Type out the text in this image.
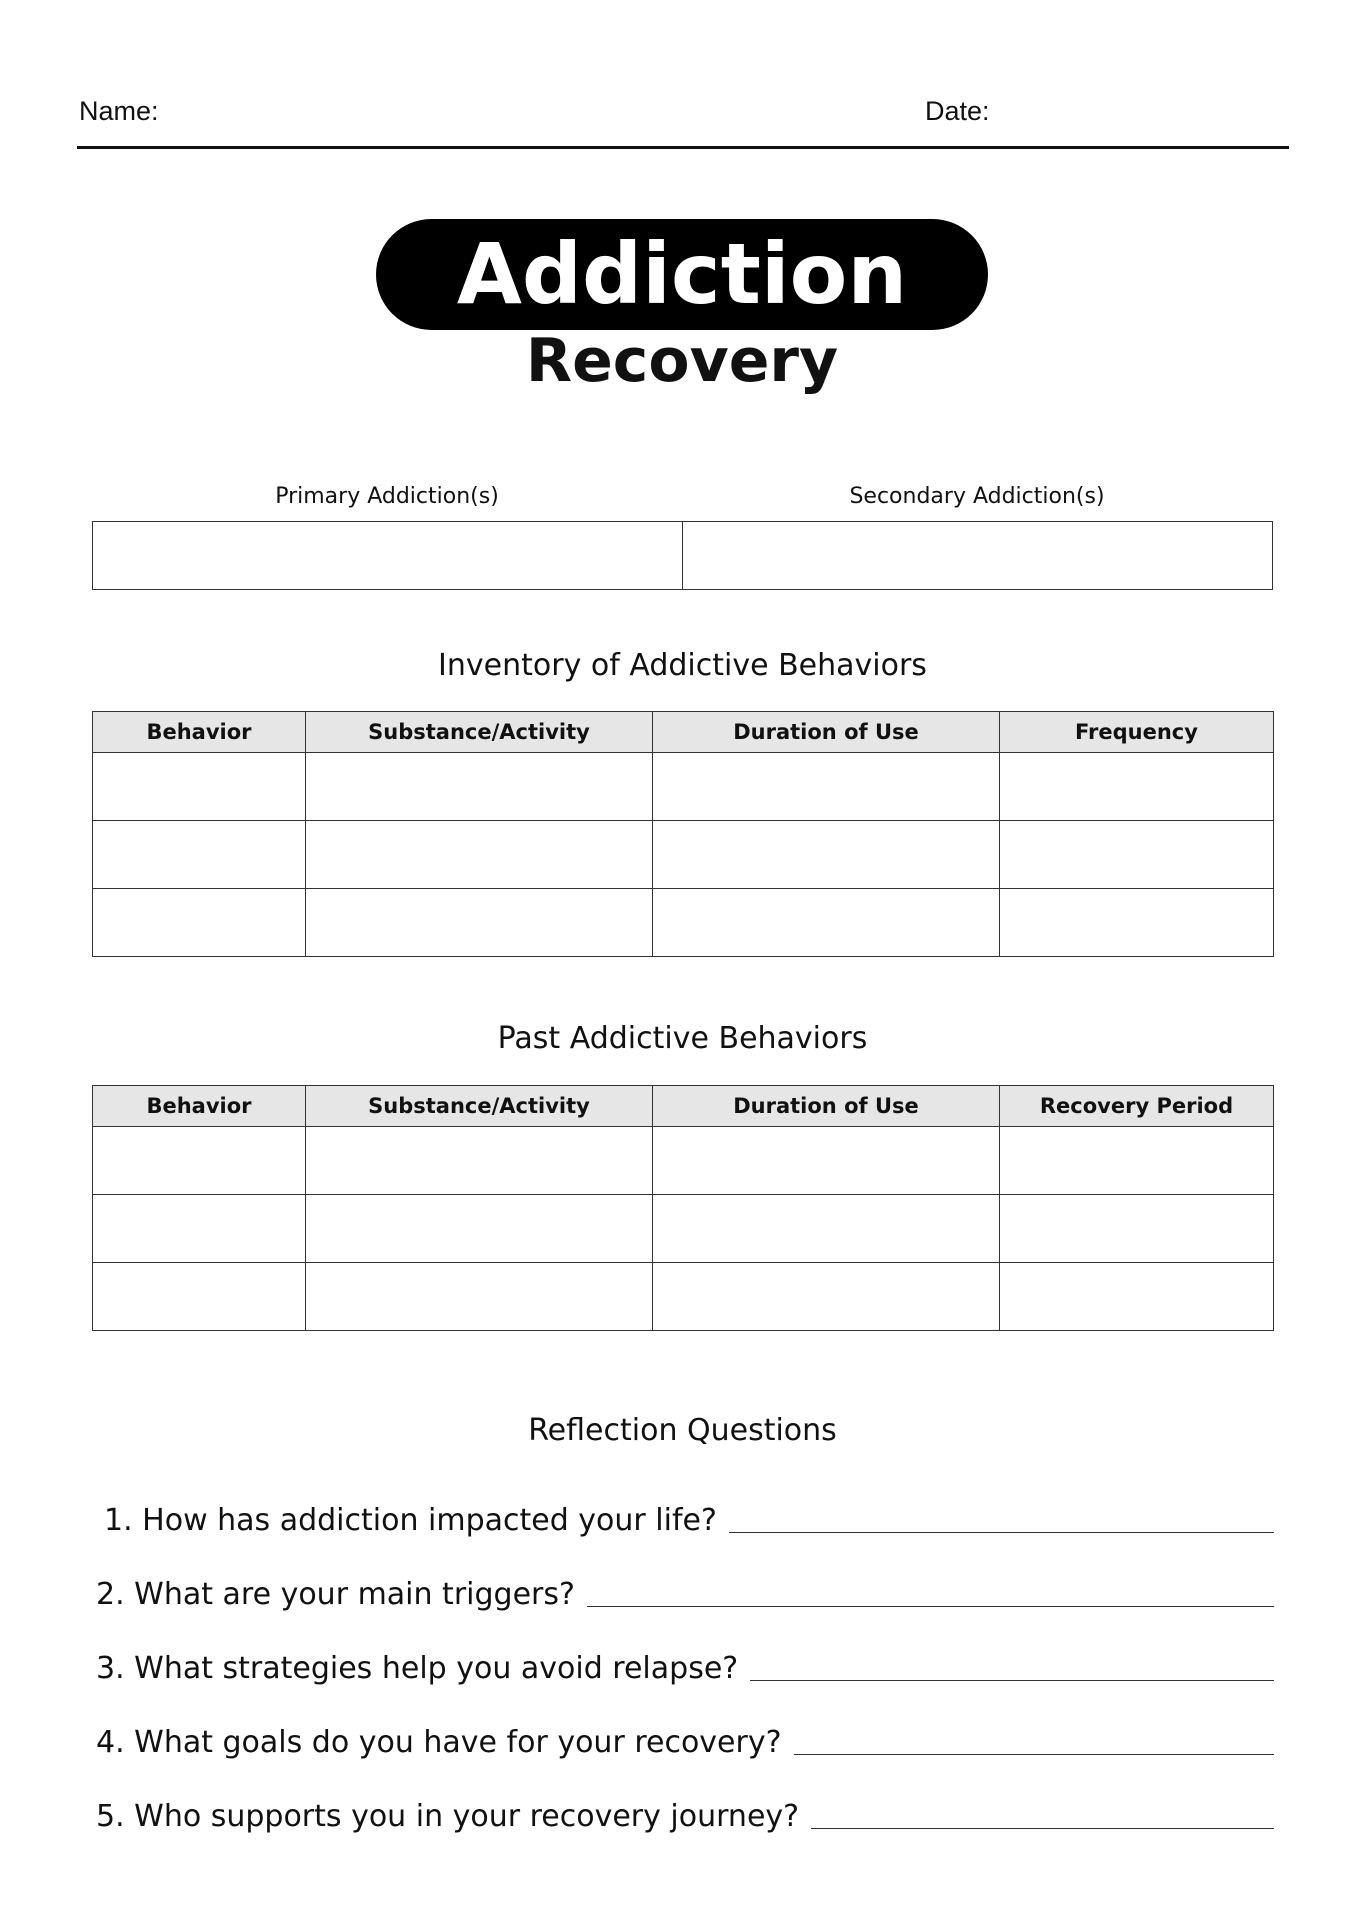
Name:	Date:
Addiction
Recovery
Primary Addiction(s)	Secondary Addiction(s)
Inventory of Addictive Behaviors
Behavior	Substance/Activity	Duration of Use	Frequency

Past Addictive Behaviors
Behavior	Substance/Activity	Duration of Use	Recovery Period

Reflection Questions
1. How has addiction impacted your life?
2. What are your main triggers?
3. What strategies help you avoid relapse?
4. What goals do you have for your recovery?
5. Who supports you in your recovery journey?
